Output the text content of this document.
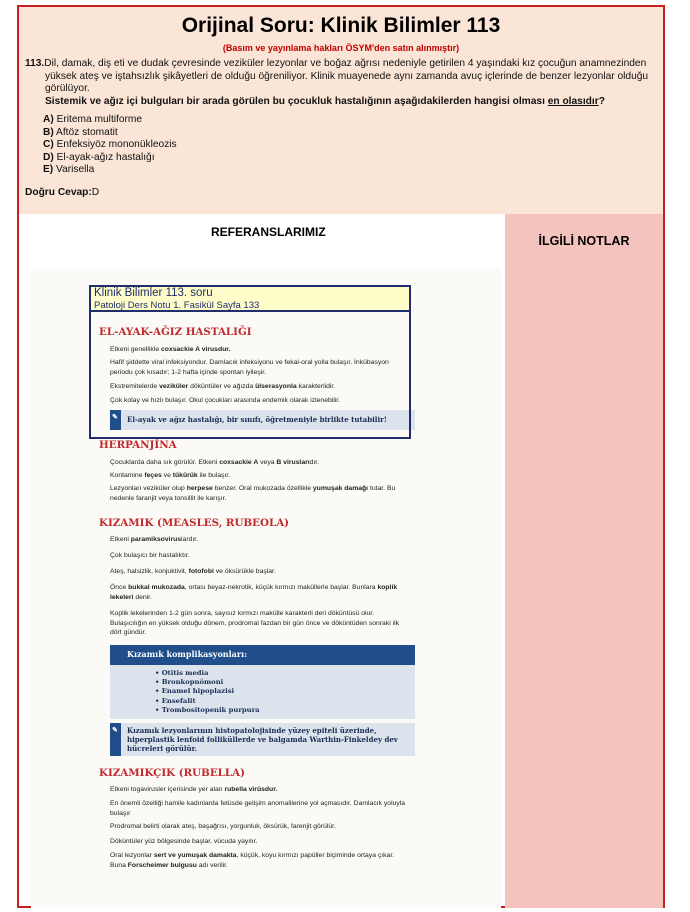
Orijinal Soru: Klinik Bilimler 113
(Basım ve yayınlama hakları ÖSYM'den satın alınmıştır)
113.Dil, damak, diş eti ve dudak çevresinde veziküler lezyonlar ve boğaz ağrısı nedeniyle getirilen 4 yaşındaki kız çocuğun anamnezinden yüksek ateş ve iştahsızlık şikâyetleri de olduğu öğreniliyor. Klinik muayenede aynı zamanda avuç içlerinde de benzer lezyonlar olduğu görülüyor.
Sistemik ve ağız içi bulguları bir arada görülen bu çocukluk hastalığının aşağıdakilerden hangisi olması en olasıdır?
A) Eritema multiforme
B) Aftöz stomatit
C) Enfeksiyöz mononükleozis
D) El-ayak-ağız hastalığı
E) Varisella
Doğru Cevap:D
REFERANSLARIMIZ
İLGİLİ NOTLAR
Klinik Bilimler 113. soru
Patoloji Ders Notu 1. Fasikül Sayfa 133
EL-AYAK-AĞIZ HASTALIĞI
Etkeni genellikle coxsackie A virusdur.
Hafif şiddette viral infeksiyondur. Damlacık infeksiyonu ve fekal-oral yolla bulaşır. İnkübasyon periodu çok kısadır; 1-2 hafta içinde spontan iyileşir.
Ekstremitelerde veziküler döküntüler ve ağızda ülserasyonla karakterlidir.
Çok kolay ve hızlı bulaşır. Okul çocukları arasında endemik olarak izlenebilir.
✎
El-ayak ve ağız hastalığı, bir sınıfı, öğretmeniyle birlikte tutabilir!
HERPANJİNA
Çocuklarda daha sık görülür. Etkeni coxsackie A veya B viruslarıdır.
Kontamine feçes ve tükürük ile bulaşır.
Lezyonları veziküler olup herpese benzer. Oral mukozada özellikle yumuşak damağı tutar. Bu nedenle faranjit veya tonsillit ile karışır.
KIZAMIK (MEASLES, RUBEOLA)
Etkeni paramiksoviruslardır.
Çok bulaşıcı bir hastalıktır.
Ateş, halsizlik, konjuktivit, fotofobi ve öksürükle başlar.
Önce bukkal mukozada, ortası beyaz-nekrotik, küçük kırmızı maküllerle başlar. Bunlara koplik lekeleri denir.
Koplik lekelerinden 1-2 gün sonra, sayısız kırmızı makülle karakterli deri döküntüsü olur. Bulaşıcılığın en yüksek olduğu dönem, prodromal fazdan bir gün önce ve döküntüden sonraki ilk dört gündür.
Kızamık komplikasyonları:
• Otitis media
• Bronkopnömoni
• Enamel hipoplazisi
• Ensefalit
• Trombositopenik purpura
✎
Kızamık lezyonlarının histopatolojisinde yüzey epiteli üzerinde, hiperplastik lenfoid folliküllerde ve balgamda Warthin-Finkeldey dev hücreleri görülür.
KIZAMIKÇIK (RUBELLA)
Etkeni togavirusler içerisinde yer alan rubella virüsdur.
En önemli özelliği hamile kadınlarda fetüsde gelişim anomalilerine yol açmasıdır. Damlacık yoluyla bulaşır
Prodromal belirti olarak ateş, başağrısı, yorgunluk, öksürük, farenjit görülür.
Döküntüler yüz bölgesinde başlar, vücuda yayılır.
Oral lezyonlar sert ve yumuşak damakta, küçük, koyu kırmızı papüller biçiminde ortaya çıkar. Buna Forscheimer bulgusu adı verilir.
